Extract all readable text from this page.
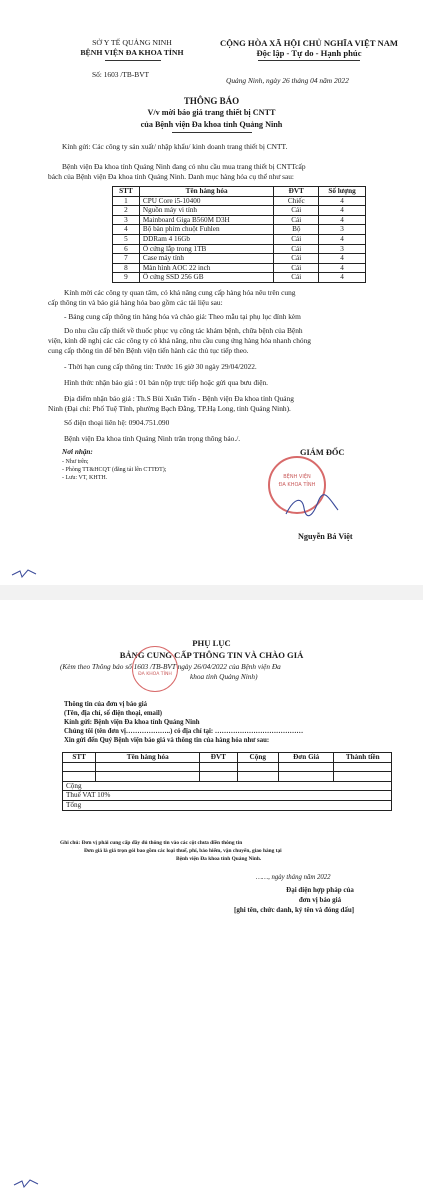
SỞ Y TẾ QUẢNG NINH
BỆNH VIỆN ĐA KHOA TỈNH
Số: 1603 /TB-BVT
CỘNG HÒA XÃ HỘI CHỦ NGHĨA VIỆT NAM
Độc lập - Tự do - Hạnh phúc
Quảng Ninh, ngày 26 tháng 04 năm 2022
THÔNG BÁO
V/v mời báo giá trang thiết bị CNTT
của Bệnh viện Đa khoa tỉnh Quảng Ninh
Kính gửi: Các công ty sản xuất/ nhập khẩu/ kinh doanh trang thiết bị CNTT.
Bệnh viện Đa khoa tỉnh Quảng Ninh đang có nhu cầu mua trang thiết bị CNTTcấp
bách của Bệnh viện Đa khoa tỉnh Quảng Ninh. Danh mục hàng hóa cụ thể như sau:
STT	Tên hàng hóa	ĐVT	Số lượng
1	CPU Core i5-10400	Chiếc	4
2	Nguồn máy vi tính	Cái	4
3	Mainboard Giga B560M D3H	Cái	4
4	Bộ bàn phím chuột Fuhlen	Bộ	3
5	DDRam 4 16Gb	Cái	4
6	Ổ cứng lắp trong 1TB	Cái	3
7	Case máy tính	Cái	4
8	Màn hình AOC 22 inch	Cái	4
9	Ổ cứng SSD 256 GB	Cái	4
Kính mời các công ty quan tâm, có khả năng cung cấp hàng hóa nêu trên cung
cấp thông tin và báo giá hàng hóa bao gồm các tài liệu sau:
- Bảng cung cấp thông tin hàng hóa và chào giá: Theo mẫu tại phụ lục đính kèm
Do nhu cầu cấp thiết về thuốc phục vụ công tác khám bệnh, chữa bệnh của Bệnh
viện, kính đề nghị các các công ty có khả năng, nhu cầu cung ứng hàng hóa nhanh chóng
cung cấp thông tin để bên Bệnh viện tiến hành các thủ tục tiếp theo.
- Thời hạn cung cấp thông tin: Trước 16 giờ 30 ngày 29/04/2022.
Hình thức nhận báo giá : 01 bản nộp trực tiếp hoặc gửi qua bưu điện.
Địa điểm nhận báo giá : Th.S Bùi Xuân Tiến - Bệnh viện Đa khoa tỉnh Quảng
Ninh (Đại chỉ: Phố Tuệ Tĩnh, phường Bạch Đằng, TP.Hạ Long, tỉnh Quảng Ninh).
Số điện thoại liên hệ: 0904.751.090
Bệnh viện Đa khoa tỉnh Quảng Ninh trân trọng thông báo./.
Nơi nhận:
- Như trên;
- Phòng TT&HCQT (đăng tải lên CTTĐT);
- Lưu: VT, KHTH.	BỆNH VIỆN
ĐA KHOA TỈNH
GIÁM ĐỐC
Nguyễn Bá Việt
PHỤ LỤC
BẢNG CUNG CẤP THÔNG TIN VÀ CHÀO GIÁ
(Kèm theo Thông báo số 1603 /TB-BVT ngày 26/04/2022 của Bệnh viện Đa
khoa tỉnh Quảng Ninh)
ĐA KHOA TỈNH
Thông tin của đơn vị báo giá
(Tên, địa chỉ, số điện thoại, email)
Kính gửi: Bệnh viện Đa khoa tỉnh Quảng Ninh
Chúng tôi (tên đơn vị………………..) có địa chỉ tại: …………………………………
Xin gửi đến Quý Bệnh viện báo giá và thông tin của hàng hóa như sau:
STT	Tên hàng hóa	ĐVT	Cộng	Đơn Giá	Thành tiền

Cộng					
Thuế VAT 10%					
Tổng					
Ghi chú: Đơn vị phải cung cấp đầy đủ thông tin vào các cột chưa điền thông tin
Đơn giá là giá trọn gói bao gồm các loại thuế, phí, bảo hiểm, vận chuyển, giao hàng tại
Bệnh viện Đa khoa tỉnh Quảng Ninh.
……, ngày tháng năm 2022
Đại diện hợp pháp của
đơn vị báo giá
[ghi tên, chức danh, ký tên và đóng dấu]
